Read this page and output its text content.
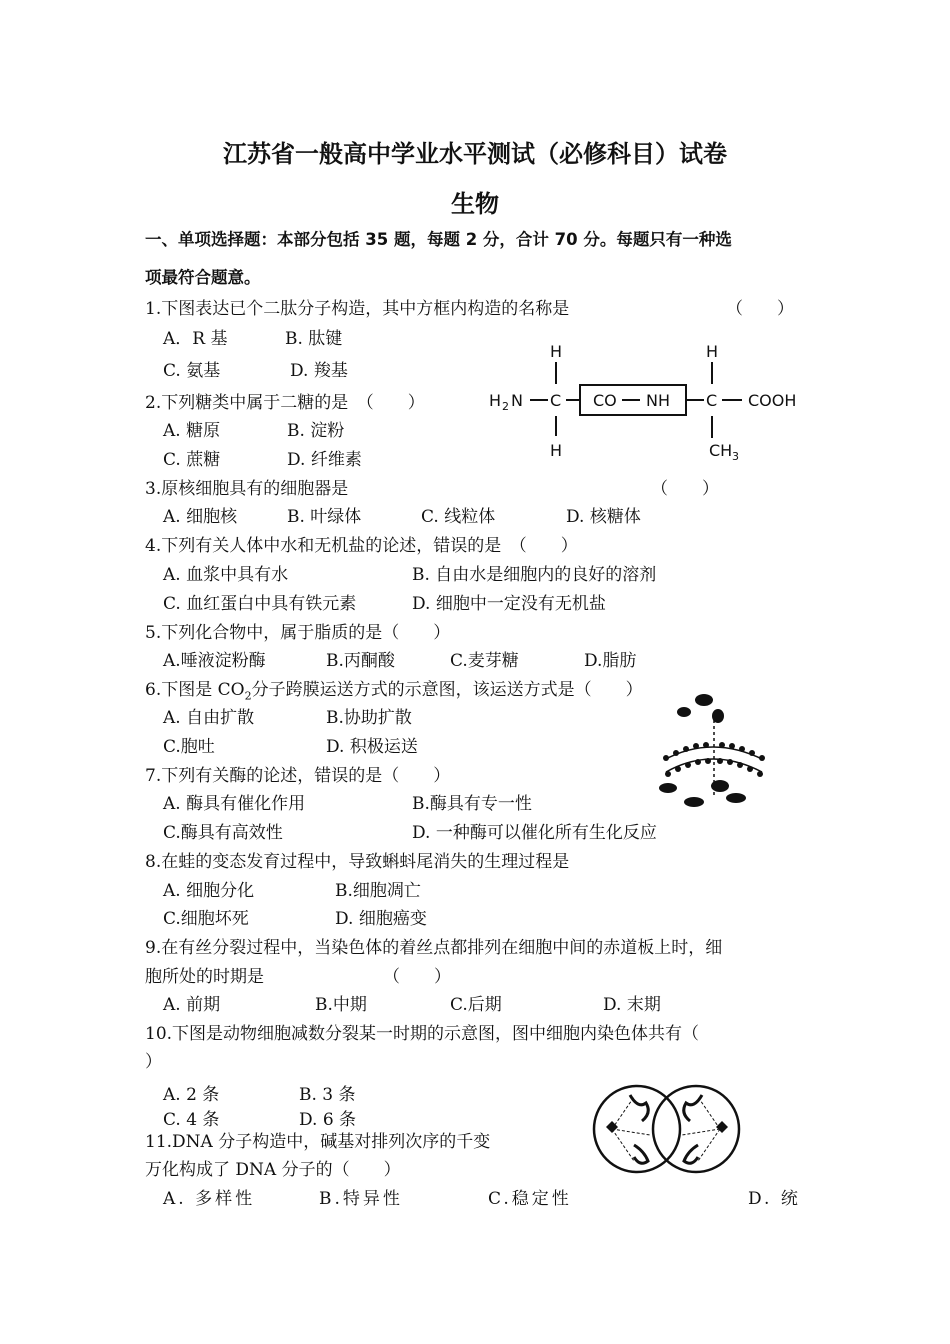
江苏省一般高中学业水平测试（必修科目）试卷
生物
一、单项选择题：本部分包括 35 题，每题 2 分，合计 70 分。每题只有一种选
项最符合题意。
1.下图表达已个二肽分子构造，其中方框内构造的名称是	（　　）
A．R 基	B. 肽键
C. 氨基	D. 羧基
H	H
H 2 N C CO NH C COOH
H	CH 3
2.下列糖类中属于二糖的是　（　　）
A. 糖原	B. 淀粉
C. 蔗糖	D. 纤维素
3.原核细胞具有的细胞器是	（　　）
A. 细胞核	B. 叶绿体	C. 线粒体	D. 核糖体
4.下列有关人体中水和无机盐的论述，错误的是　（　　）
A. 血浆中具有水	B. 自由水是细胞内的良好的溶剂
C. 血红蛋白中具有铁元素	D. 细胞中一定没有无机盐
5.下列化合物中，属于脂质的是（　　）
A.唾液淀粉酶	B.丙酮酸	C.麦芽糖	D.脂肪
6.下图是 $CO_2$分子跨膜运送方式的示意图，该运送方式是（　　）
A. 自由扩散	B.协助扩散
C.胞吐	D. 积极运送
7.下列有关酶的论述，错误的是（　　）
A. 酶具有催化作用	B.酶具有专一性
C.酶具有高效性	D. 一种酶可以催化所有生化反应
8.在蛙的变态发育过程中，导致蝌蚪尾消失的生理过程是
A. 细胞分化	B.细胞凋亡
C.细胞坏死	D. 细胞癌变
9.在有丝分裂过程中，当染色体的着丝点都排列在细胞中间的赤道板上时，细
胞所处的时期是	（　　）
A. 前期	B.中期	C.后期	D. 末期
10.下图是动物细胞减数分裂某一时期的示意图，图中细胞内染色体共有（
）
A. 2 条	B. 3 条
C. 4 条	D. 6 条
11.DNA 分子构造中，碱基对排列次序的千变
万化构成了 DNA 分子的（　　）
A. 多样性	B.特异性	C.稳定性	D. 统
